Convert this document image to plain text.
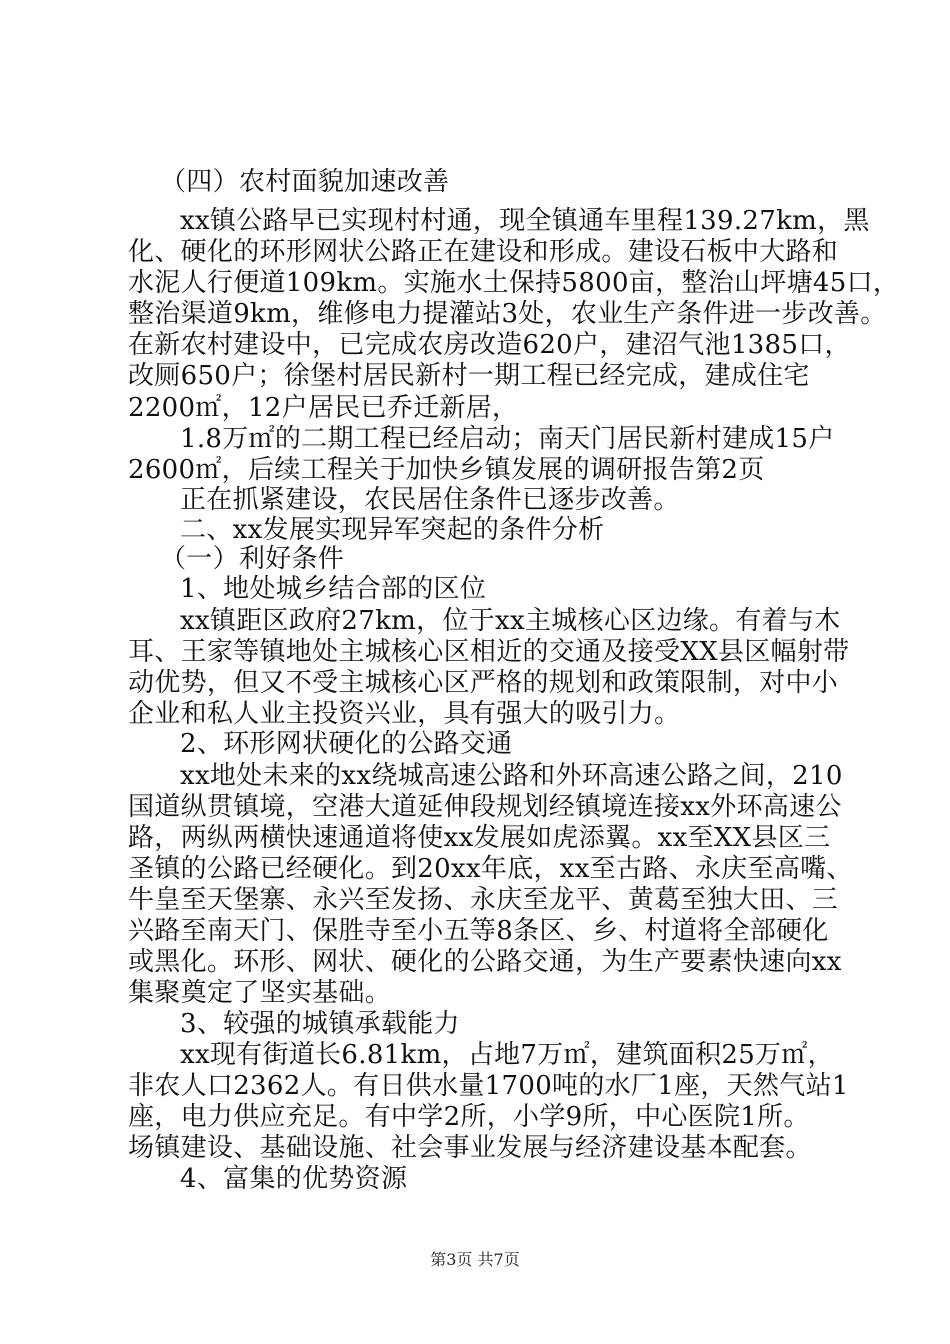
（四）农村面貌加速改善
xx镇公路早已实现村村通，现全镇通车里程139.27km，黑
化、硬化的环形网状公路正在建设和形成。建设石板中大路和
水泥人行便道109km。实施水土保持5800亩，整治山坪塘45口，
整治渠道9km，维修电力提灌站3处，农业生产条件进一步改善。
在新农村建设中，已完成农房改造620户，建沼气池1385口，
改厕650户；徐堡村居民新村一期工程已经完成，建成住宅
2200㎡，12户居民已乔迁新居，
1.8万㎡的二期工程已经启动；南天门居民新村建成15户
2600㎡，后续工程关于加快乡镇发展的调研报告第2页
正在抓紧建设，农民居住条件已逐步改善。
二、xx发展实现异军突起的条件分析
（一）利好条件
1、地处城乡结合部的区位
xx镇距区政府27km，位于xx主城核心区边缘。有着与木
耳、王家等镇地处主城核心区相近的交通及接受XX县区幅射带
动优势，但又不受主城核心区严格的规划和政策限制，对中小
企业和私人业主投资兴业，具有强大的吸引力。
2、环形网状硬化的公路交通
xx地处未来的xx绕城高速公路和外环高速公路之间，210
国道纵贯镇境，空港大道延伸段规划经镇境连接xx外环高速公
路，两纵两横快速通道将使xx发展如虎添翼。xx至XX县区三
圣镇的公路已经硬化。到20xx年底，xx至古路、永庆至高嘴、
牛皇至天堡寨、永兴至发扬、永庆至龙平、黄葛至独大田、三
兴路至南天门、保胜寺至小五等8条区、乡、村道将全部硬化
或黑化。环形、网状、硬化的公路交通，为生产要素快速向xx
集聚奠定了坚实基础。
3、较强的城镇承载能力
xx现有街道长6.81km，占地7万㎡，建筑面积25万㎡，
非农人口2362人。有日供水量1700吨的水厂1座，天然气站1
座，电力供应充足。有中学2所，小学9所，中心医院1所。
场镇建设、基础设施、社会事业发展与经济建设基本配套。
4、富集的优势资源
第3页 共7页
